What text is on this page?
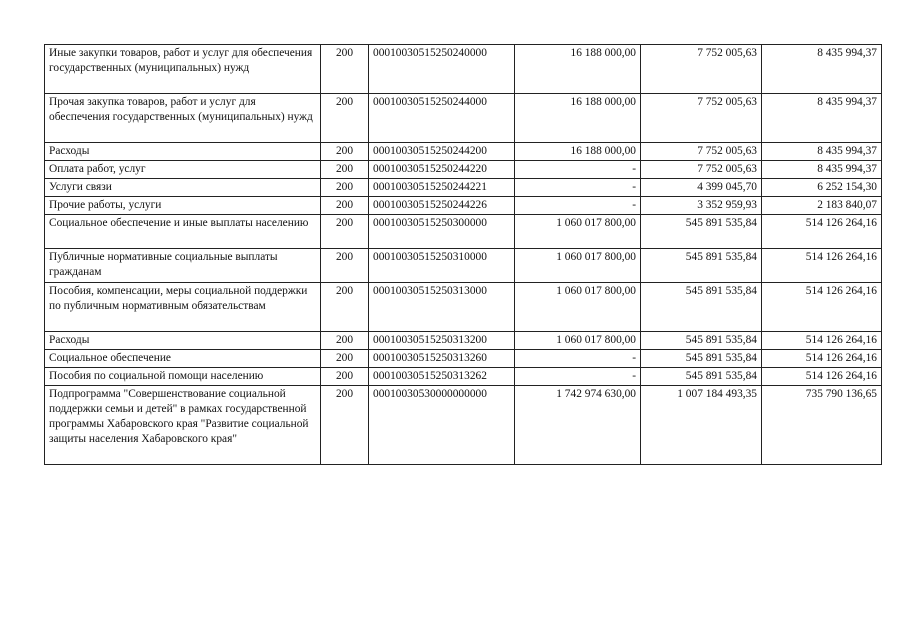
Иные закупки товаров, работ и услуг для обеспечения государственных (муниципальных) нужд	200	00010030515250240000	16 188 000,00	7 752 005,63	8 435 994,37
Прочая закупка товаров, работ и услуг для обеспечения государственных (муниципальных) нужд	200	00010030515250244000	16 188 000,00	7 752 005,63	8 435 994,37
Расходы	200	00010030515250244200	16 188 000,00	7 752 005,63	8 435 994,37
Оплата работ, услуг	200	00010030515250244220	-	7 752 005,63	8 435 994,37
Услуги связи	200	00010030515250244221	-	4 399 045,70	6 252 154,30
Прочие работы, услуги	200	00010030515250244226	-	3 352 959,93	2 183 840,07
Социальное обеспечение и иные выплаты населению	200	00010030515250300000	1 060 017 800,00	545 891 535,84	514 126 264,16
Публичные нормативные социальные выплаты гражданам	200	00010030515250310000	1 060 017 800,00	545 891 535,84	514 126 264,16
Пособия, компенсации, меры социальной поддержки по публичным нормативным обязательствам	200	00010030515250313000	1 060 017 800,00	545 891 535,84	514 126 264,16
Расходы	200	00010030515250313200	1 060 017 800,00	545 891 535,84	514 126 264,16
Социальное обеспечение	200	00010030515250313260	-	545 891 535,84	514 126 264,16
Пособия по социальной помощи населению	200	00010030515250313262	-	545 891 535,84	514 126 264,16
Подпрограмма "Совершенствование социальной поддержки семьи и детей" в рамках государственной программы Хабаровского края "Развитие социальной защиты населения Хабаровского края"	200	00010030530000000000	1 742 974 630,00	1 007 184 493,35	735 790 136,65
